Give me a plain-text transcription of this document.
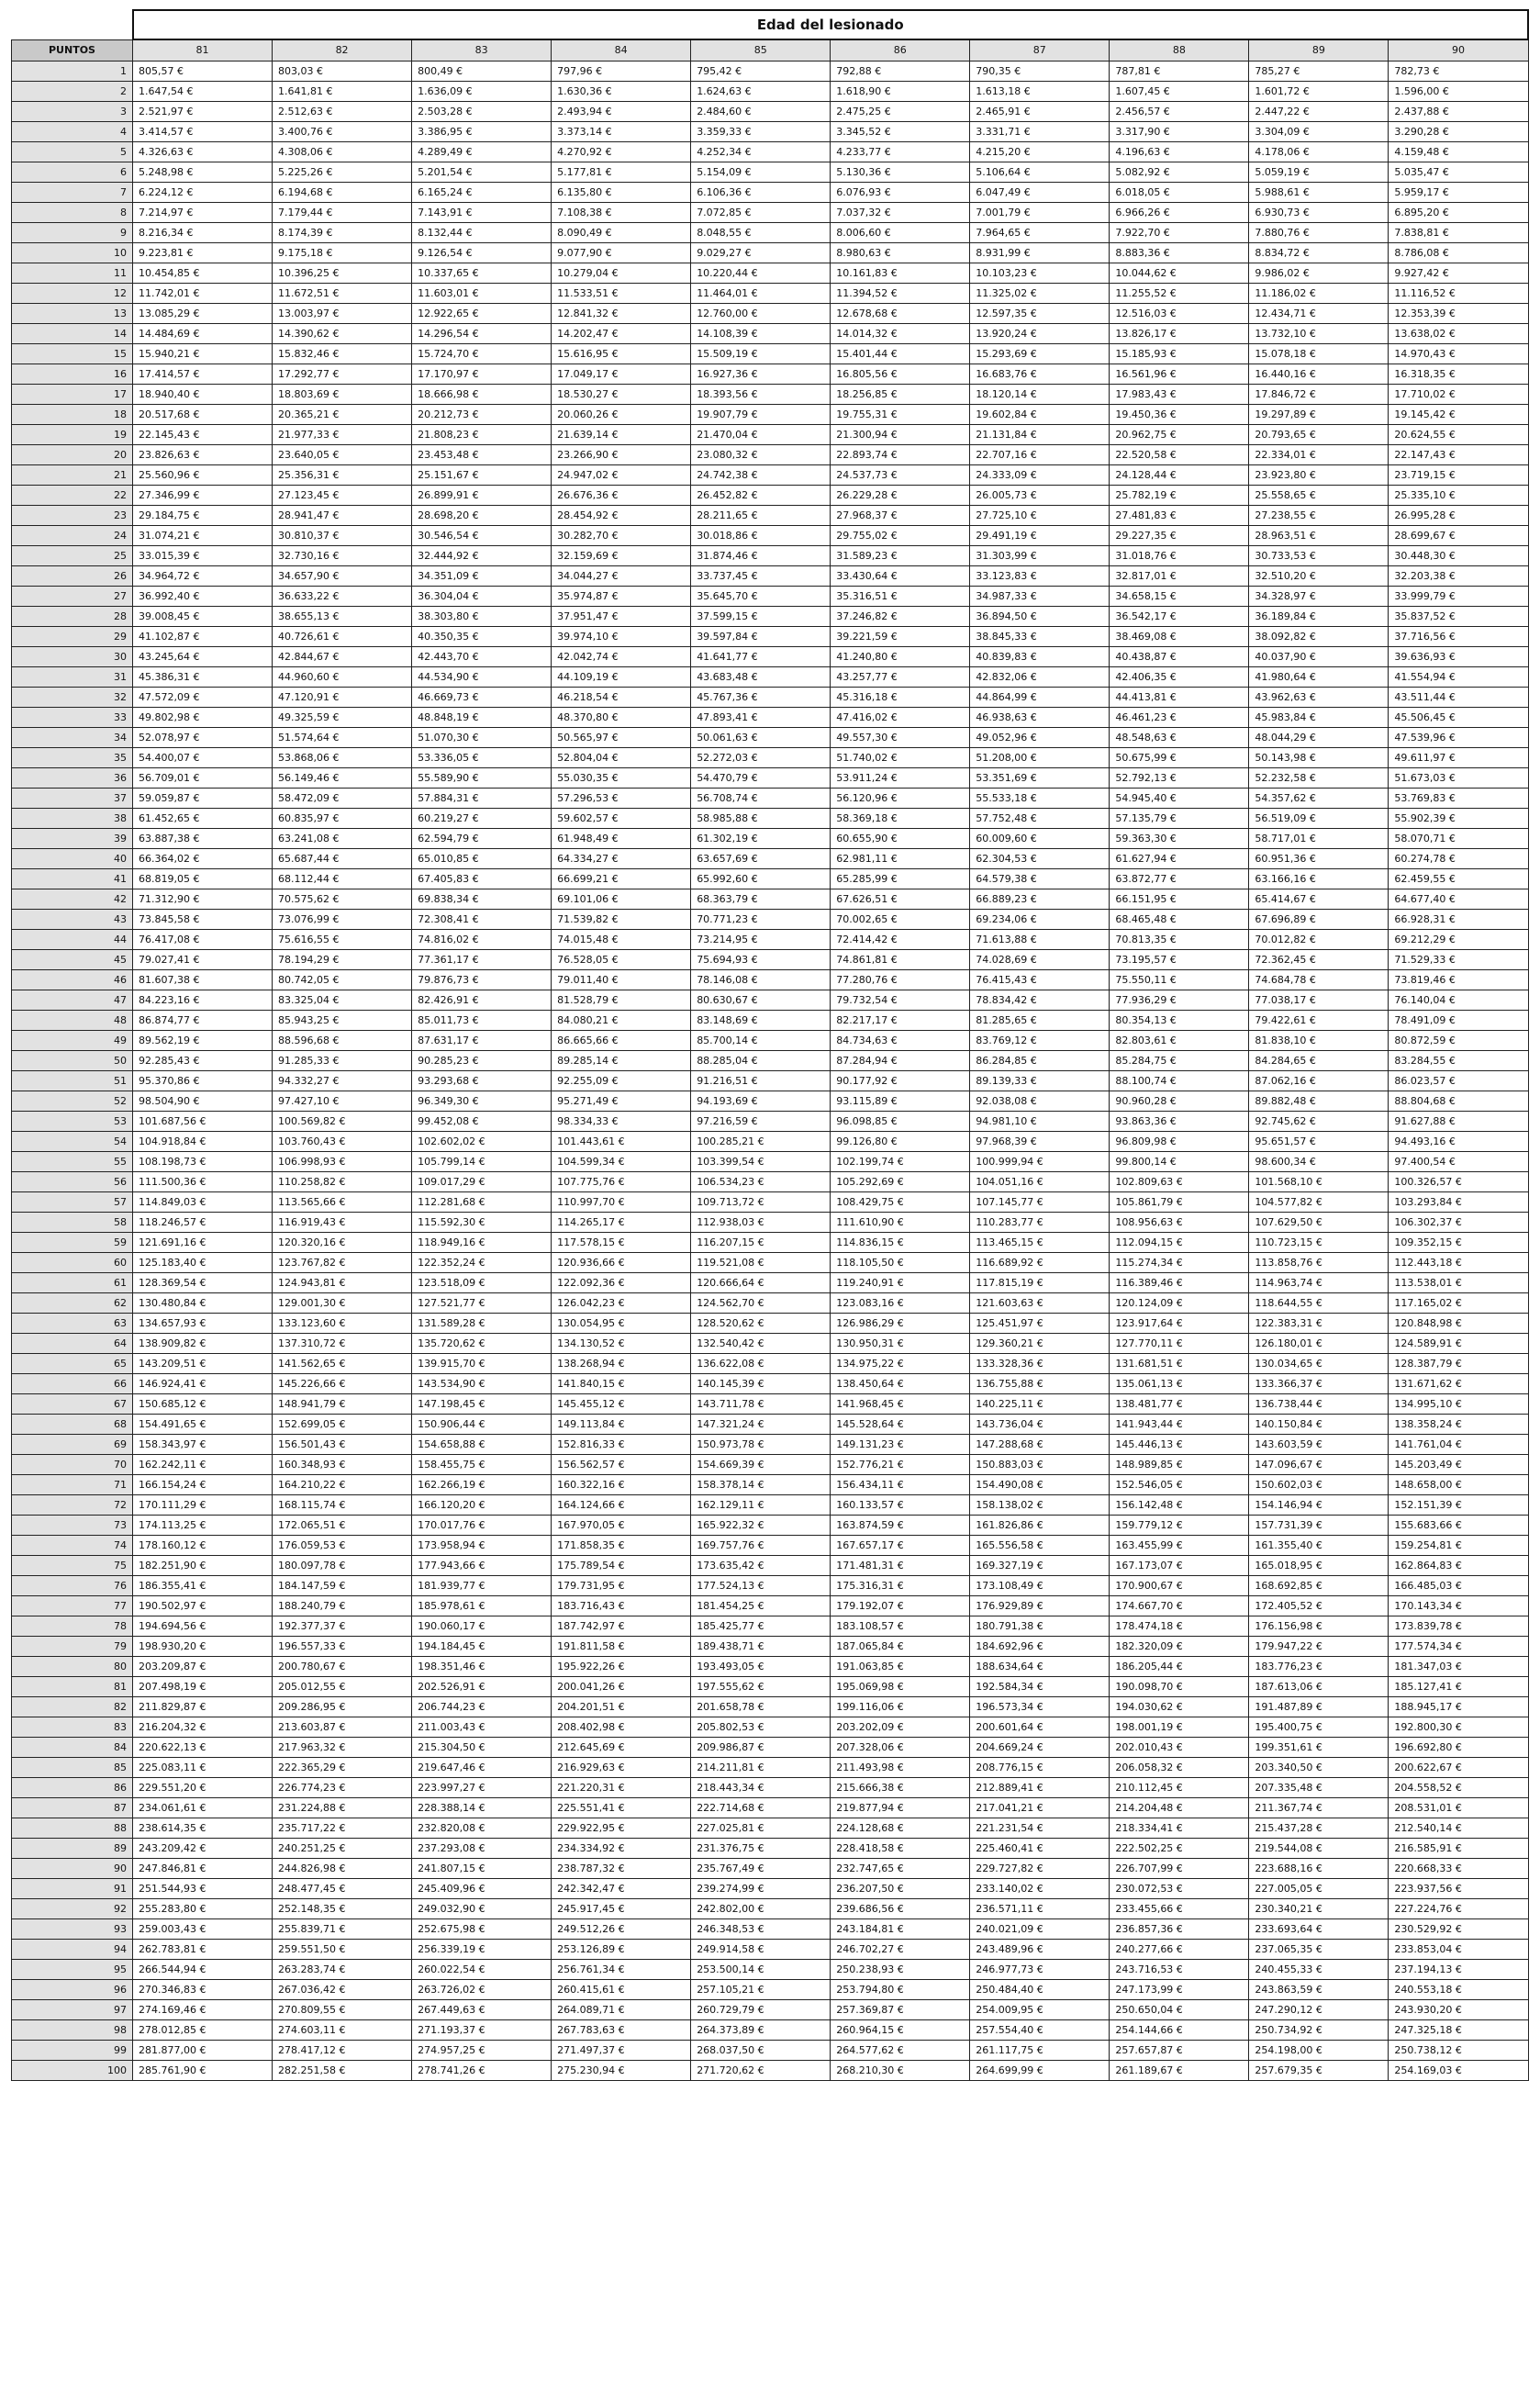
	Edad del lesionado									
PUNTOS	81	82	83	84	85	86	87	88	89	90
1	805,57 €	803,03 €	800,49 €	797,96 €	795,42 €	792,88 €	790,35 €	787,81 €	785,27 €	782,73 €
2	1.647,54 €	1.641,81 €	1.636,09 €	1.630,36 €	1.624,63 €	1.618,90 €	1.613,18 €	1.607,45 €	1.601,72 €	1.596,00 €
3	2.521,97 €	2.512,63 €	2.503,28 €	2.493,94 €	2.484,60 €	2.475,25 €	2.465,91 €	2.456,57 €	2.447,22 €	2.437,88 €
4	3.414,57 €	3.400,76 €	3.386,95 €	3.373,14 €	3.359,33 €	3.345,52 €	3.331,71 €	3.317,90 €	3.304,09 €	3.290,28 €
5	4.326,63 €	4.308,06 €	4.289,49 €	4.270,92 €	4.252,34 €	4.233,77 €	4.215,20 €	4.196,63 €	4.178,06 €	4.159,48 €
6	5.248,98 €	5.225,26 €	5.201,54 €	5.177,81 €	5.154,09 €	5.130,36 €	5.106,64 €	5.082,92 €	5.059,19 €	5.035,47 €
7	6.224,12 €	6.194,68 €	6.165,24 €	6.135,80 €	6.106,36 €	6.076,93 €	6.047,49 €	6.018,05 €	5.988,61 €	5.959,17 €
8	7.214,97 €	7.179,44 €	7.143,91 €	7.108,38 €	7.072,85 €	7.037,32 €	7.001,79 €	6.966,26 €	6.930,73 €	6.895,20 €
9	8.216,34 €	8.174,39 €	8.132,44 €	8.090,49 €	8.048,55 €	8.006,60 €	7.964,65 €	7.922,70 €	7.880,76 €	7.838,81 €
10	9.223,81 €	9.175,18 €	9.126,54 €	9.077,90 €	9.029,27 €	8.980,63 €	8.931,99 €	8.883,36 €	8.834,72 €	8.786,08 €
11	10.454,85 €	10.396,25 €	10.337,65 €	10.279,04 €	10.220,44 €	10.161,83 €	10.103,23 €	10.044,62 €	9.986,02 €	9.927,42 €
12	11.742,01 €	11.672,51 €	11.603,01 €	11.533,51 €	11.464,01 €	11.394,52 €	11.325,02 €	11.255,52 €	11.186,02 €	11.116,52 €
13	13.085,29 €	13.003,97 €	12.922,65 €	12.841,32 €	12.760,00 €	12.678,68 €	12.597,35 €	12.516,03 €	12.434,71 €	12.353,39 €
14	14.484,69 €	14.390,62 €	14.296,54 €	14.202,47 €	14.108,39 €	14.014,32 €	13.920,24 €	13.826,17 €	13.732,10 €	13.638,02 €
15	15.940,21 €	15.832,46 €	15.724,70 €	15.616,95 €	15.509,19 €	15.401,44 €	15.293,69 €	15.185,93 €	15.078,18 €	14.970,43 €
16	17.414,57 €	17.292,77 €	17.170,97 €	17.049,17 €	16.927,36 €	16.805,56 €	16.683,76 €	16.561,96 €	16.440,16 €	16.318,35 €
17	18.940,40 €	18.803,69 €	18.666,98 €	18.530,27 €	18.393,56 €	18.256,85 €	18.120,14 €	17.983,43 €	17.846,72 €	17.710,02 €
18	20.517,68 €	20.365,21 €	20.212,73 €	20.060,26 €	19.907,79 €	19.755,31 €	19.602,84 €	19.450,36 €	19.297,89 €	19.145,42 €
19	22.145,43 €	21.977,33 €	21.808,23 €	21.639,14 €	21.470,04 €	21.300,94 €	21.131,84 €	20.962,75 €	20.793,65 €	20.624,55 €
20	23.826,63 €	23.640,05 €	23.453,48 €	23.266,90 €	23.080,32 €	22.893,74 €	22.707,16 €	22.520,58 €	22.334,01 €	22.147,43 €
21	25.560,96 €	25.356,31 €	25.151,67 €	24.947,02 €	24.742,38 €	24.537,73 €	24.333,09 €	24.128,44 €	23.923,80 €	23.719,15 €
22	27.346,99 €	27.123,45 €	26.899,91 €	26.676,36 €	26.452,82 €	26.229,28 €	26.005,73 €	25.782,19 €	25.558,65 €	25.335,10 €
23	29.184,75 €	28.941,47 €	28.698,20 €	28.454,92 €	28.211,65 €	27.968,37 €	27.725,10 €	27.481,83 €	27.238,55 €	26.995,28 €
24	31.074,21 €	30.810,37 €	30.546,54 €	30.282,70 €	30.018,86 €	29.755,02 €	29.491,19 €	29.227,35 €	28.963,51 €	28.699,67 €
25	33.015,39 €	32.730,16 €	32.444,92 €	32.159,69 €	31.874,46 €	31.589,23 €	31.303,99 €	31.018,76 €	30.733,53 €	30.448,30 €
26	34.964,72 €	34.657,90 €	34.351,09 €	34.044,27 €	33.737,45 €	33.430,64 €	33.123,83 €	32.817,01 €	32.510,20 €	32.203,38 €
27	36.992,40 €	36.633,22 €	36.304,04 €	35.974,87 €	35.645,70 €	35.316,51 €	34.987,33 €	34.658,15 €	34.328,97 €	33.999,79 €
28	39.008,45 €	38.655,13 €	38.303,80 €	37.951,47 €	37.599,15 €	37.246,82 €	36.894,50 €	36.542,17 €	36.189,84 €	35.837,52 €
29	41.102,87 €	40.726,61 €	40.350,35 €	39.974,10 €	39.597,84 €	39.221,59 €	38.845,33 €	38.469,08 €	38.092,82 €	37.716,56 €
30	43.245,64 €	42.844,67 €	42.443,70 €	42.042,74 €	41.641,77 €	41.240,80 €	40.839,83 €	40.438,87 €	40.037,90 €	39.636,93 €
31	45.386,31 €	44.960,60 €	44.534,90 €	44.109,19 €	43.683,48 €	43.257,77 €	42.832,06 €	42.406,35 €	41.980,64 €	41.554,94 €
32	47.572,09 €	47.120,91 €	46.669,73 €	46.218,54 €	45.767,36 €	45.316,18 €	44.864,99 €	44.413,81 €	43.962,63 €	43.511,44 €
33	49.802,98 €	49.325,59 €	48.848,19 €	48.370,80 €	47.893,41 €	47.416,02 €	46.938,63 €	46.461,23 €	45.983,84 €	45.506,45 €
34	52.078,97 €	51.574,64 €	51.070,30 €	50.565,97 €	50.061,63 €	49.557,30 €	49.052,96 €	48.548,63 €	48.044,29 €	47.539,96 €
35	54.400,07 €	53.868,06 €	53.336,05 €	52.804,04 €	52.272,03 €	51.740,02 €	51.208,00 €	50.675,99 €	50.143,98 €	49.611,97 €
36	56.709,01 €	56.149,46 €	55.589,90 €	55.030,35 €	54.470,79 €	53.911,24 €	53.351,69 €	52.792,13 €	52.232,58 €	51.673,03 €
37	59.059,87 €	58.472,09 €	57.884,31 €	57.296,53 €	56.708,74 €	56.120,96 €	55.533,18 €	54.945,40 €	54.357,62 €	53.769,83 €
38	61.452,65 €	60.835,97 €	60.219,27 €	59.602,57 €	58.985,88 €	58.369,18 €	57.752,48 €	57.135,79 €	56.519,09 €	55.902,39 €
39	63.887,38 €	63.241,08 €	62.594,79 €	61.948,49 €	61.302,19 €	60.655,90 €	60.009,60 €	59.363,30 €	58.717,01 €	58.070,71 €
40	66.364,02 €	65.687,44 €	65.010,85 €	64.334,27 €	63.657,69 €	62.981,11 €	62.304,53 €	61.627,94 €	60.951,36 €	60.274,78 €
41	68.819,05 €	68.112,44 €	67.405,83 €	66.699,21 €	65.992,60 €	65.285,99 €	64.579,38 €	63.872,77 €	63.166,16 €	62.459,55 €
42	71.312,90 €	70.575,62 €	69.838,34 €	69.101,06 €	68.363,79 €	67.626,51 €	66.889,23 €	66.151,95 €	65.414,67 €	64.677,40 €
43	73.845,58 €	73.076,99 €	72.308,41 €	71.539,82 €	70.771,23 €	70.002,65 €	69.234,06 €	68.465,48 €	67.696,89 €	66.928,31 €
44	76.417,08 €	75.616,55 €	74.816,02 €	74.015,48 €	73.214,95 €	72.414,42 €	71.613,88 €	70.813,35 €	70.012,82 €	69.212,29 €
45	79.027,41 €	78.194,29 €	77.361,17 €	76.528,05 €	75.694,93 €	74.861,81 €	74.028,69 €	73.195,57 €	72.362,45 €	71.529,33 €
46	81.607,38 €	80.742,05 €	79.876,73 €	79.011,40 €	78.146,08 €	77.280,76 €	76.415,43 €	75.550,11 €	74.684,78 €	73.819,46 €
47	84.223,16 €	83.325,04 €	82.426,91 €	81.528,79 €	80.630,67 €	79.732,54 €	78.834,42 €	77.936,29 €	77.038,17 €	76.140,04 €
48	86.874,77 €	85.943,25 €	85.011,73 €	84.080,21 €	83.148,69 €	82.217,17 €	81.285,65 €	80.354,13 €	79.422,61 €	78.491,09 €
49	89.562,19 €	88.596,68 €	87.631,17 €	86.665,66 €	85.700,14 €	84.734,63 €	83.769,12 €	82.803,61 €	81.838,10 €	80.872,59 €
50	92.285,43 €	91.285,33 €	90.285,23 €	89.285,14 €	88.285,04 €	87.284,94 €	86.284,85 €	85.284,75 €	84.284,65 €	83.284,55 €
51	95.370,86 €	94.332,27 €	93.293,68 €	92.255,09 €	91.216,51 €	90.177,92 €	89.139,33 €	88.100,74 €	87.062,16 €	86.023,57 €
52	98.504,90 €	97.427,10 €	96.349,30 €	95.271,49 €	94.193,69 €	93.115,89 €	92.038,08 €	90.960,28 €	89.882,48 €	88.804,68 €
53	101.687,56 €	100.569,82 €	99.452,08 €	98.334,33 €	97.216,59 €	96.098,85 €	94.981,10 €	93.863,36 €	92.745,62 €	91.627,88 €
54	104.918,84 €	103.760,43 €	102.602,02 €	101.443,61 €	100.285,21 €	99.126,80 €	97.968,39 €	96.809,98 €	95.651,57 €	94.493,16 €
55	108.198,73 €	106.998,93 €	105.799,14 €	104.599,34 €	103.399,54 €	102.199,74 €	100.999,94 €	99.800,14 €	98.600,34 €	97.400,54 €
56	111.500,36 €	110.258,82 €	109.017,29 €	107.775,76 €	106.534,23 €	105.292,69 €	104.051,16 €	102.809,63 €	101.568,10 €	100.326,57 €
57	114.849,03 €	113.565,66 €	112.281,68 €	110.997,70 €	109.713,72 €	108.429,75 €	107.145,77 €	105.861,79 €	104.577,82 €	103.293,84 €
58	118.246,57 €	116.919,43 €	115.592,30 €	114.265,17 €	112.938,03 €	111.610,90 €	110.283,77 €	108.956,63 €	107.629,50 €	106.302,37 €
59	121.691,16 €	120.320,16 €	118.949,16 €	117.578,15 €	116.207,15 €	114.836,15 €	113.465,15 €	112.094,15 €	110.723,15 €	109.352,15 €
60	125.183,40 €	123.767,82 €	122.352,24 €	120.936,66 €	119.521,08 €	118.105,50 €	116.689,92 €	115.274,34 €	113.858,76 €	112.443,18 €
61	128.369,54 €	124.943,81 €	123.518,09 €	122.092,36 €	120.666,64 €	119.240,91 €	117.815,19 €	116.389,46 €	114.963,74 €	113.538,01 €
62	130.480,84 €	129.001,30 €	127.521,77 €	126.042,23 €	124.562,70 €	123.083,16 €	121.603,63 €	120.124,09 €	118.644,55 €	117.165,02 €
63	134.657,93 €	133.123,60 €	131.589,28 €	130.054,95 €	128.520,62 €	126.986,29 €	125.451,97 €	123.917,64 €	122.383,31 €	120.848,98 €
64	138.909,82 €	137.310,72 €	135.720,62 €	134.130,52 €	132.540,42 €	130.950,31 €	129.360,21 €	127.770,11 €	126.180,01 €	124.589,91 €
65	143.209,51 €	141.562,65 €	139.915,70 €	138.268,94 €	136.622,08 €	134.975,22 €	133.328,36 €	131.681,51 €	130.034,65 €	128.387,79 €
66	146.924,41 €	145.226,66 €	143.534,90 €	141.840,15 €	140.145,39 €	138.450,64 €	136.755,88 €	135.061,13 €	133.366,37 €	131.671,62 €
67	150.685,12 €	148.941,79 €	147.198,45 €	145.455,12 €	143.711,78 €	141.968,45 €	140.225,11 €	138.481,77 €	136.738,44 €	134.995,10 €
68	154.491,65 €	152.699,05 €	150.906,44 €	149.113,84 €	147.321,24 €	145.528,64 €	143.736,04 €	141.943,44 €	140.150,84 €	138.358,24 €
69	158.343,97 €	156.501,43 €	154.658,88 €	152.816,33 €	150.973,78 €	149.131,23 €	147.288,68 €	145.446,13 €	143.603,59 €	141.761,04 €
70	162.242,11 €	160.348,93 €	158.455,75 €	156.562,57 €	154.669,39 €	152.776,21 €	150.883,03 €	148.989,85 €	147.096,67 €	145.203,49 €
71	166.154,24 €	164.210,22 €	162.266,19 €	160.322,16 €	158.378,14 €	156.434,11 €	154.490,08 €	152.546,05 €	150.602,03 €	148.658,00 €
72	170.111,29 €	168.115,74 €	166.120,20 €	164.124,66 €	162.129,11 €	160.133,57 €	158.138,02 €	156.142,48 €	154.146,94 €	152.151,39 €
73	174.113,25 €	172.065,51 €	170.017,76 €	167.970,05 €	165.922,32 €	163.874,59 €	161.826,86 €	159.779,12 €	157.731,39 €	155.683,66 €
74	178.160,12 €	176.059,53 €	173.958,94 €	171.858,35 €	169.757,76 €	167.657,17 €	165.556,58 €	163.455,99 €	161.355,40 €	159.254,81 €
75	182.251,90 €	180.097,78 €	177.943,66 €	175.789,54 €	173.635,42 €	171.481,31 €	169.327,19 €	167.173,07 €	165.018,95 €	162.864,83 €
76	186.355,41 €	184.147,59 €	181.939,77 €	179.731,95 €	177.524,13 €	175.316,31 €	173.108,49 €	170.900,67 €	168.692,85 €	166.485,03 €
77	190.502,97 €	188.240,79 €	185.978,61 €	183.716,43 €	181.454,25 €	179.192,07 €	176.929,89 €	174.667,70 €	172.405,52 €	170.143,34 €
78	194.694,56 €	192.377,37 €	190.060,17 €	187.742,97 €	185.425,77 €	183.108,57 €	180.791,38 €	178.474,18 €	176.156,98 €	173.839,78 €
79	198.930,20 €	196.557,33 €	194.184,45 €	191.811,58 €	189.438,71 €	187.065,84 €	184.692,96 €	182.320,09 €	179.947,22 €	177.574,34 €
80	203.209,87 €	200.780,67 €	198.351,46 €	195.922,26 €	193.493,05 €	191.063,85 €	188.634,64 €	186.205,44 €	183.776,23 €	181.347,03 €
81	207.498,19 €	205.012,55 €	202.526,91 €	200.041,26 €	197.555,62 €	195.069,98 €	192.584,34 €	190.098,70 €	187.613,06 €	185.127,41 €
82	211.829,87 €	209.286,95 €	206.744,23 €	204.201,51 €	201.658,78 €	199.116,06 €	196.573,34 €	194.030,62 €	191.487,89 €	188.945,17 €
83	216.204,32 €	213.603,87 €	211.003,43 €	208.402,98 €	205.802,53 €	203.202,09 €	200.601,64 €	198.001,19 €	195.400,75 €	192.800,30 €
84	220.622,13 €	217.963,32 €	215.304,50 €	212.645,69 €	209.986,87 €	207.328,06 €	204.669,24 €	202.010,43 €	199.351,61 €	196.692,80 €
85	225.083,11 €	222.365,29 €	219.647,46 €	216.929,63 €	214.211,81 €	211.493,98 €	208.776,15 €	206.058,32 €	203.340,50 €	200.622,67 €
86	229.551,20 €	226.774,23 €	223.997,27 €	221.220,31 €	218.443,34 €	215.666,38 €	212.889,41 €	210.112,45 €	207.335,48 €	204.558,52 €
87	234.061,61 €	231.224,88 €	228.388,14 €	225.551,41 €	222.714,68 €	219.877,94 €	217.041,21 €	214.204,48 €	211.367,74 €	208.531,01 €
88	238.614,35 €	235.717,22 €	232.820,08 €	229.922,95 €	227.025,81 €	224.128,68 €	221.231,54 €	218.334,41 €	215.437,28 €	212.540,14 €
89	243.209,42 €	240.251,25 €	237.293,08 €	234.334,92 €	231.376,75 €	228.418,58 €	225.460,41 €	222.502,25 €	219.544,08 €	216.585,91 €
90	247.846,81 €	244.826,98 €	241.807,15 €	238.787,32 €	235.767,49 €	232.747,65 €	229.727,82 €	226.707,99 €	223.688,16 €	220.668,33 €
91	251.544,93 €	248.477,45 €	245.409,96 €	242.342,47 €	239.274,99 €	236.207,50 €	233.140,02 €	230.072,53 €	227.005,05 €	223.937,56 €
92	255.283,80 €	252.148,35 €	249.032,90 €	245.917,45 €	242.802,00 €	239.686,56 €	236.571,11 €	233.455,66 €	230.340,21 €	227.224,76 €
93	259.003,43 €	255.839,71 €	252.675,98 €	249.512,26 €	246.348,53 €	243.184,81 €	240.021,09 €	236.857,36 €	233.693,64 €	230.529,92 €
94	262.783,81 €	259.551,50 €	256.339,19 €	253.126,89 €	249.914,58 €	246.702,27 €	243.489,96 €	240.277,66 €	237.065,35 €	233.853,04 €
95	266.544,94 €	263.283,74 €	260.022,54 €	256.761,34 €	253.500,14 €	250.238,93 €	246.977,73 €	243.716,53 €	240.455,33 €	237.194,13 €
96	270.346,83 €	267.036,42 €	263.726,02 €	260.415,61 €	257.105,21 €	253.794,80 €	250.484,40 €	247.173,99 €	243.863,59 €	240.553,18 €
97	274.169,46 €	270.809,55 €	267.449,63 €	264.089,71 €	260.729,79 €	257.369,87 €	254.009,95 €	250.650,04 €	247.290,12 €	243.930,20 €
98	278.012,85 €	274.603,11 €	271.193,37 €	267.783,63 €	264.373,89 €	260.964,15 €	257.554,40 €	254.144,66 €	250.734,92 €	247.325,18 €
99	281.877,00 €	278.417,12 €	274.957,25 €	271.497,37 €	268.037,50 €	264.577,62 €	261.117,75 €	257.657,87 €	254.198,00 €	250.738,12 €
100	285.761,90 €	282.251,58 €	278.741,26 €	275.230,94 €	271.720,62 €	268.210,30 €	264.699,99 €	261.189,67 €	257.679,35 €	254.169,03 €
